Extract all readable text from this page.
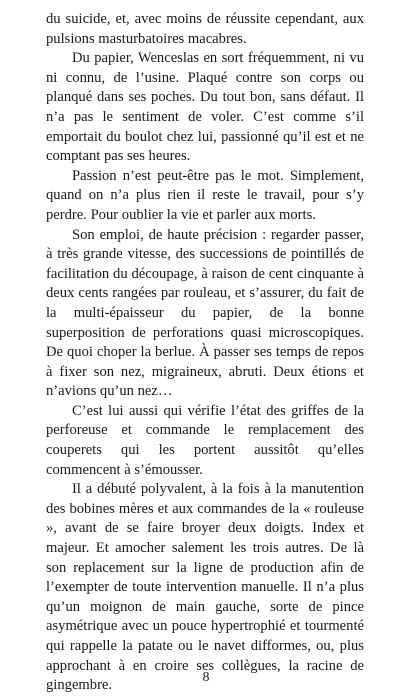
du suicide, et, avec moins de réussite cependant, aux pulsions masturbatoires macabres.

Du papier, Wenceslas en sort fréquemment, ni vu ni connu, de l’usine. Plaqué contre son corps ou planqué dans ses poches. Du tout bon, sans défaut. Il n’a pas le sentiment de voler. C’est comme s’il emportait du boulot chez lui, passionné qu’il est et ne comptant pas ses heures.

Passion n’est peut-être pas le mot. Simplement, quand on n’a plus rien il reste le travail, pour s’y perdre. Pour oublier la vie et parler aux morts.

Son emploi, de haute précision : regarder passer, à très grande vitesse, des successions de pointillés de facilitation du découpage, à raison de cent cinquante à deux cents rangées par rouleau, et s’assurer, du fait de la multi-épaisseur du papier, de la bonne superposition de perforations quasi microscopiques. De quoi choper la berlue. À passer ses temps de repos à fixer son nez, migraineux, abruti. Deux étions et n’avions qu’un nez…

C’est lui aussi qui vérifie l’état des griffes de la perforeuse et commande le remplacement des couperets qui les portent aussitôt qu’elles commencent à s’émousser.

Il a débuté polyvalent, à la fois à la manutention des bobines mères et aux commandes de la « rouleuse », avant de se faire broyer deux doigts. Index et majeur. Et amocher salement les trois autres. De là son replacement sur la ligne de production afin de l’exempter de toute intervention manuelle. Il n’a plus qu’un moignon de main gauche, sorte de pince asymétrique avec un pouce hypertrophié et tourmenté qui rappelle la patate ou le navet difformes, ou, plus approchant à en croire ses collègues, la racine de gingembre.	8
